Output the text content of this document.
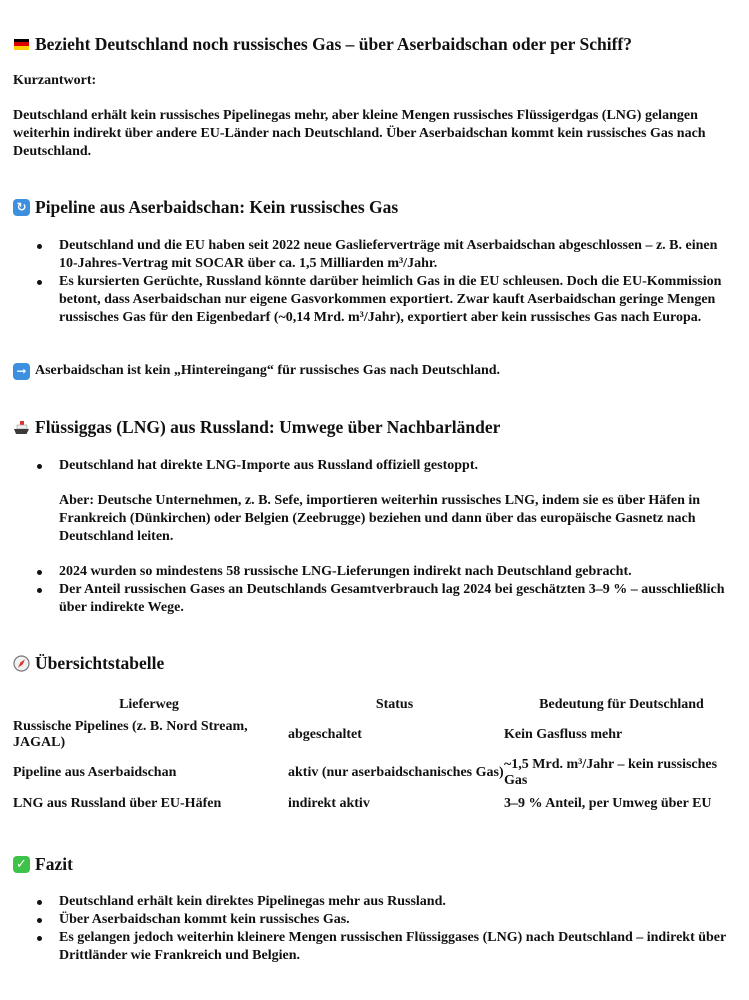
Bezieht Deutschland noch russisches Gas – über Aserbaidschan oder per Schiff?

Kurzantwort:

Deutschland erhält kein russisches Pipelinegas mehr, aber kleine Mengen russisches Flüssigerdgas (LNG) gelangen weiterhin indirekt über andere EU-Länder nach Deutschland. Über Aserbaidschan kommt kein russisches Gas nach Deutschland.

↻ Pipeline aus Aserbaidschan: Kein russisches Gas
Deutschland und die EU haben seit 2022 neue Gaslieferverträge mit Aserbaidschan abgeschlossen – z. B. einen 10-Jahres-Vertrag mit SOCAR über ca. 1,5 Milliarden m³/Jahr.
Es kursierten Gerüchte, Russland könnte darüber heimlich Gas in die EU schleusen. Doch die EU-Kommission betont, dass Aserbaidschan nur eigene Gasvorkommen exportiert. Zwar kauft Aserbaidschan geringe Mengen russisches Gas für den Eigenbedarf (~0,14 Mrd. m³/Jahr), exportiert aber kein russisches Gas nach Europa.
➞ Aserbaidschan ist kein „Hintereingang“ für russisches Gas nach Deutschland.

Flüssiggas (LNG) aus Russland: Umwege über Nachbarländer

Deutschland hat direkte LNG-Importe aus Russland offiziell gestoppt.

Aber: Deutsche Unternehmen, z. B. Sefe, importieren weiterhin russisches LNG, indem sie es über Häfen in Frankreich (Dünkirchen) oder Belgien (Zeebrugge) beziehen und dann über das europäische Gasnetz nach Deutschland leiten.

2024 wurden so mindestens 58 russische LNG-Lieferungen indirekt nach Deutschland gebracht.
Der Anteil russischen Gases an Deutschlands Gesamtverbrauch lag 2024 bei geschätzten 3–9 % – ausschließlich über indirekte Wege.
Übersichtstabelle
Lieferweg	Status	Bedeutung für Deutschland
Russische Pipelines (z. B. Nord Stream, JAGAL)	abgeschaltet	Kein Gasfluss mehr
Pipeline aus Aserbaidschan	aktiv (nur aserbaidschanisches Gas)	~1,5 Mrd. m³/Jahr – kein russisches Gas
LNG aus Russland über EU-Häfen	indirekt aktiv	3–9 % Anteil, per Umweg über EU
✓ Fazit
Deutschland erhält kein direktes Pipelinegas mehr aus Russland.
Über Aserbaidschan kommt kein russisches Gas.
Es gelangen jedoch weiterhin kleinere Mengen russischen Flüssiggases (LNG) nach Deutschland – indirekt über Drittländer wie Frankreich und Belgien.
